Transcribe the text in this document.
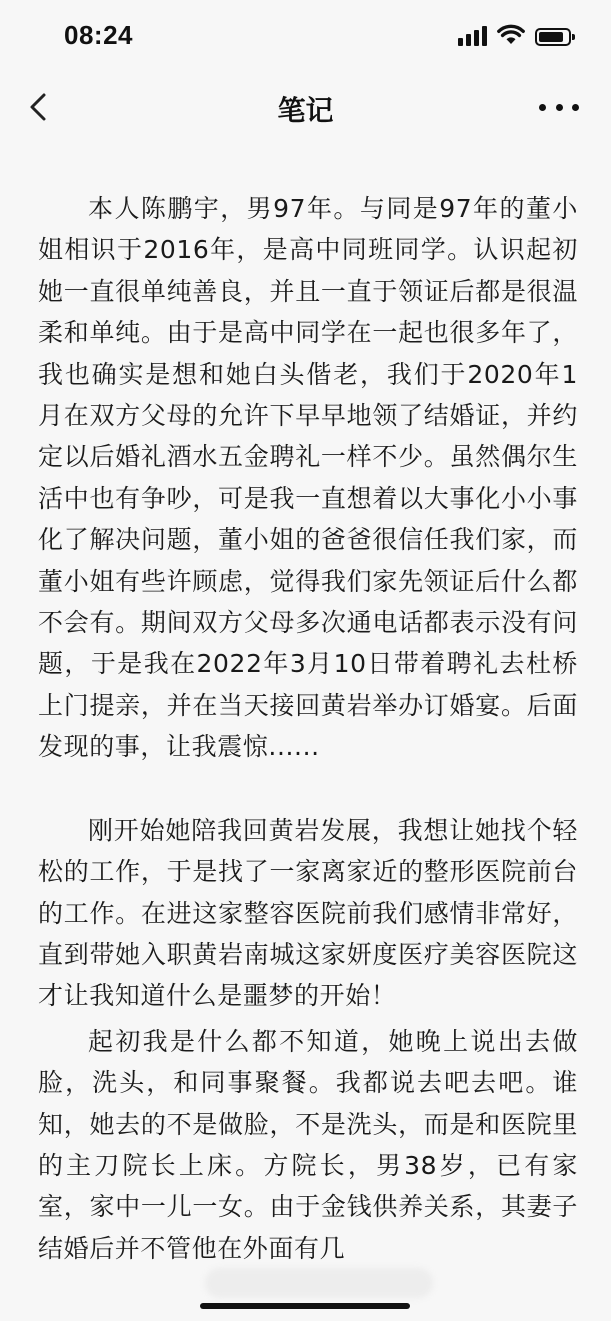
08:24
笔记

本人陈鹏宇，男97年。与同是97年的董小姐相识于2016年，是高中同班同学。认识起初她一直很单纯善良，并且一直于领证后都是很温柔和单纯。由于是高中同学在一起也很多年了，我也确实是想和她白头偕老，我们于2020年1月在双方父母的允许下早早地领了结婚证，并约定以后婚礼酒水五金聘礼一样不少。虽然偶尔生活中也有争吵，可是我一直想着以大事化小小事化了解决问题，董小姐的爸爸很信任我们家，而董小姐有些许顾虑，觉得我们家先领证后什么都不会有。期间双方父母多次通电话都表示没有问题，于是我在2022年3月10日带着聘礼去杜桥上门提亲，并在当天接回黄岩举办订婚宴。后面发现的事，让我震惊......

刚开始她陪我回黄岩发展，我想让她找个轻松的工作，于是找了一家离家近的整形医院前台的工作。在进这家整容医院前我们感情非常好，直到带她入职黄岩南城这家妍度医疗美容医院这才让我知道什么是噩梦的开始！

起初我是什么都不知道，她晚上说出去做脸，洗头，和同事聚餐。我都说去吧去吧。谁知，她去的不是做脸，不是洗头，而是和医院里的主刀院长上床。方院长，男38岁，已有家室，家中一儿一女。由于金钱供养关系，其妻子结婚后并不管他在外面有几
